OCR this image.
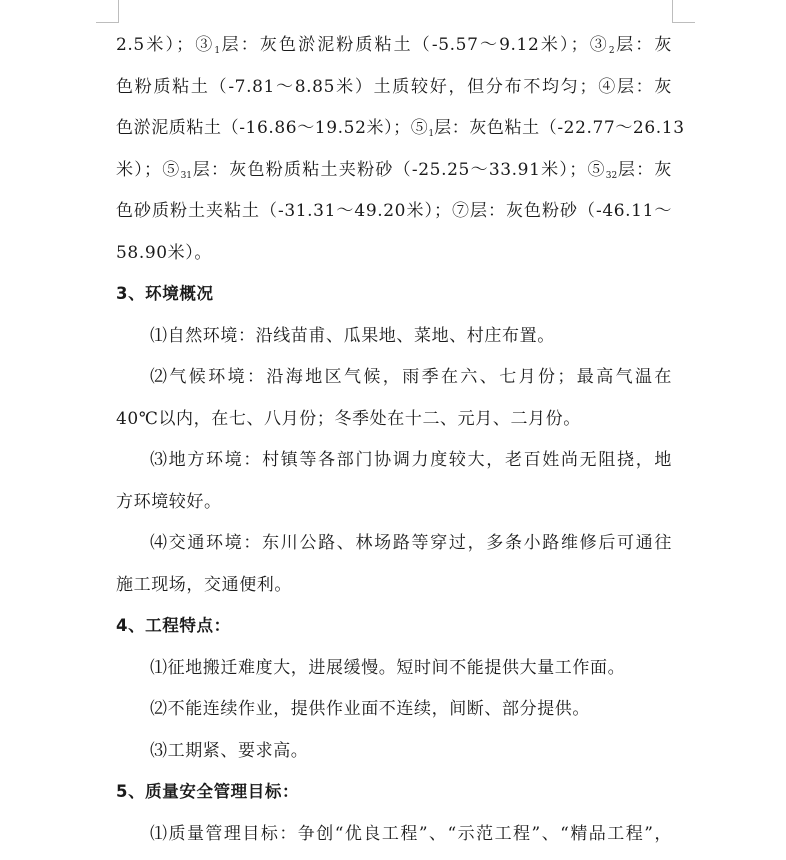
2.5米）；$③_1$层：灰色淤泥粉质粘土（-5.57～9.12米）；$③_2$层：灰
色粉质粘土（-7.81～8.85米）土质较好，但分布不均匀；④层：灰
色淤泥质粘土（-16.86～19.52米）；$⑤_1$层：灰色粘土（-22.77～26.13
米）；$⑤_{31}$层：灰色粉质粘土夹粉砂（-25.25～33.91米）；$⑤_{32}$层：灰
色砂质粉土夹粘土（-31.31～49.20米）；⑦层：灰色粉砂（-46.11～
58.90米）。
3、环境概况
⑴自然环境：沿线苗甫、瓜果地、菜地、村庄布置。
⑵气候环境：沿海地区气候，雨季在六、七月份；最高气温在
40℃以内，在七、八月份；冬季处在十二、元月、二月份。
⑶地方环境：村镇等各部门协调力度较大，老百姓尚无阻挠，地
方环境较好。
⑷交通环境：东川公路、林场路等穿过，多条小路维修后可通往
施工现场，交通便利。
4、工程特点：
⑴征地搬迁难度大，进展缓慢。短时间不能提供大量工作面。
⑵不能连续作业，提供作业面不连续，间断、部分提供。
⑶工期紧、要求高。
5、质量安全管理目标：
⑴质量管理目标：争创“优良工程”、“示范工程”、“精品工程”，
